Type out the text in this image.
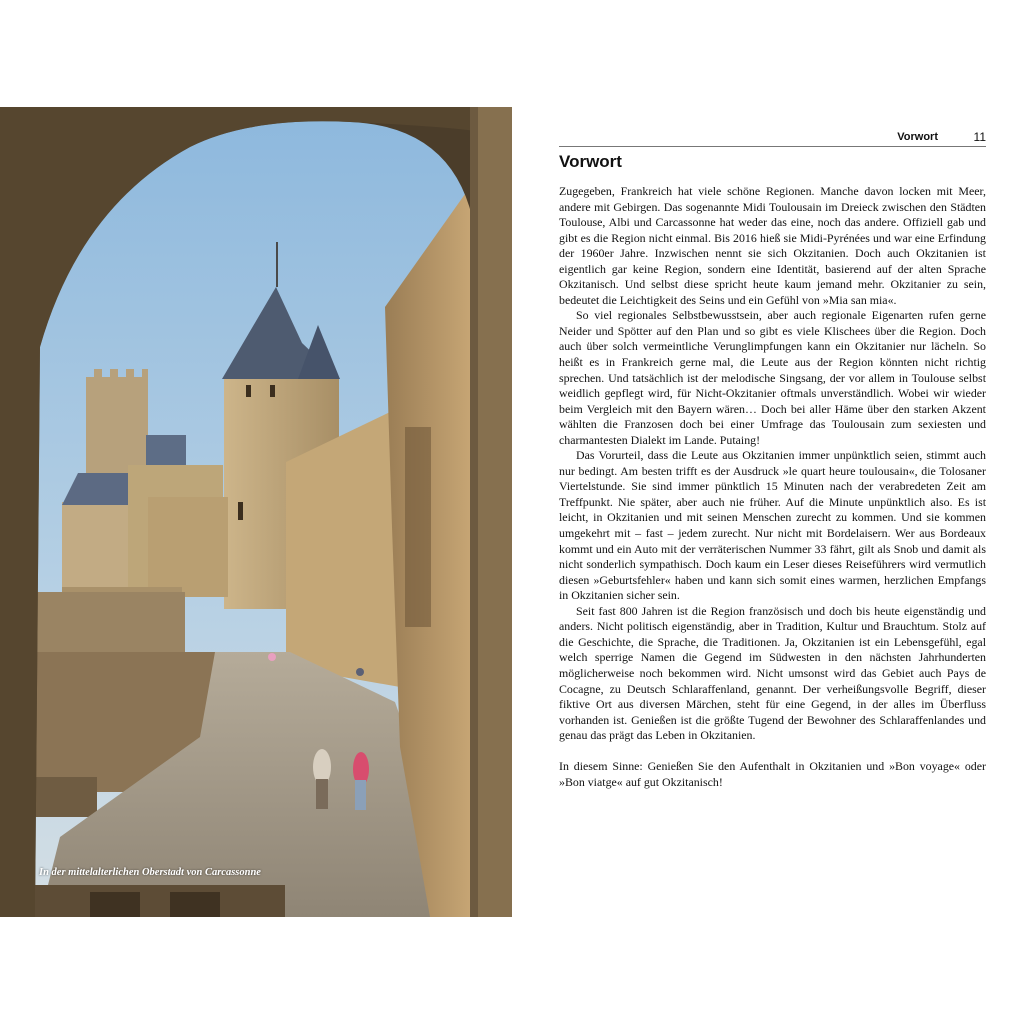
In der mittelalterlichen Oberstadt von Carcassonne
Vorwort	11
Vorwort

Zugegeben, Frankreich hat viele schöne Regionen. Manche davon locken mit Meer, andere mit Gebirgen. Das sogenannte Midi Toulousain im Dreieck zwischen den Städten Toulouse, Albi und Carcassonne hat weder das eine, noch das andere. Offiziell gab und gibt es die Region nicht einmal. Bis 2016 hieß sie Midi-Pyrénées und war eine Erfindung der 1960er Jahre. Inzwischen nennt sie sich Okzitanien. Doch auch Okzitanien ist eigentlich gar keine Region, sondern eine Identität, basierend auf der alten Sprache Okzitanisch. Und selbst diese spricht heute kaum jemand mehr. Okzitanier zu sein, bedeutet die Leichtigkeit des Seins und ein Gefühl von »Mia san mia«.

So viel regionales Selbstbewusstsein, aber auch regionale Eigenarten rufen gerne Neider und Spötter auf den Plan und so gibt es viele Klischees über die Region. Doch auch über solch vermeintliche Verunglimpfungen kann ein Okzitanier nur lächeln. So heißt es in Frankreich gerne mal, die Leute aus der Region könnten nicht richtig sprechen. Und tatsächlich ist der melodische Singsang, der vor allem in Toulouse selbst weidlich gepflegt wird, für Nicht-Okzitanier oftmals unverständlich. Wobei wir wieder beim Vergleich mit den Bayern wären… Doch bei aller Häme über den starken Akzent wählten die Franzosen doch bei einer Umfrage das Toulousain zum sexiesten und charmantesten Dialekt im Lande. Putaing!

Das Vorurteil, dass die Leute aus Okzitanien immer unpünktlich seien, stimmt auch nur bedingt. Am besten trifft es der Ausdruck »le quart heure toulousain«, die Tolosaner Viertelstunde. Sie sind immer pünktlich 15 Minuten nach der verabredeten Zeit am Treffpunkt. Nie später, aber auch nie früher. Auf die Minute unpünktlich also. Es ist leicht, in Okzitanien und mit seinen Menschen zurecht zu kommen. Und sie kommen umgekehrt mit – fast – jedem zurecht. Nur nicht mit Bordelaisern. Wer aus Bordeaux kommt und ein Auto mit der verräterischen Nummer 33 fährt, gilt als Snob und damit als nicht sonderlich sympathisch. Doch kaum ein Leser dieses Reiseführers wird vermutlich diesen »Geburtsfehler« haben und kann sich somit eines warmen, herzlichen Empfangs in Okzitanien sicher sein.

Seit fast 800 Jahren ist die Region französisch und doch bis heute eigenständig und anders. Nicht politisch eigenständig, aber in Tradition, Kultur und Brauchtum. Stolz auf die Geschichte, die Sprache, die Traditionen. Ja, Okzitanien ist ein Lebensgefühl, egal welch sperrige Namen die Gegend im Südwesten in den nächsten Jahrhunderten möglicherweise noch bekommen wird. Nicht umsonst wird das Gebiet auch Pays de Cocagne, zu Deutsch Schlaraffenland, genannt. Der verheißungsvolle Begriff, dieser fiktive Ort aus diversen Märchen, steht für eine Gegend, in der alles im Überfluss vorhanden ist. Genießen ist die größte Tugend der Bewohner des Schlaraffenlandes und genau das prägt das Leben in Okzitanien.

In diesem Sinne: Genießen Sie den Aufenthalt in Okzitanien und »Bon voyage« oder »Bon viatge« auf gut Okzitanisch!
